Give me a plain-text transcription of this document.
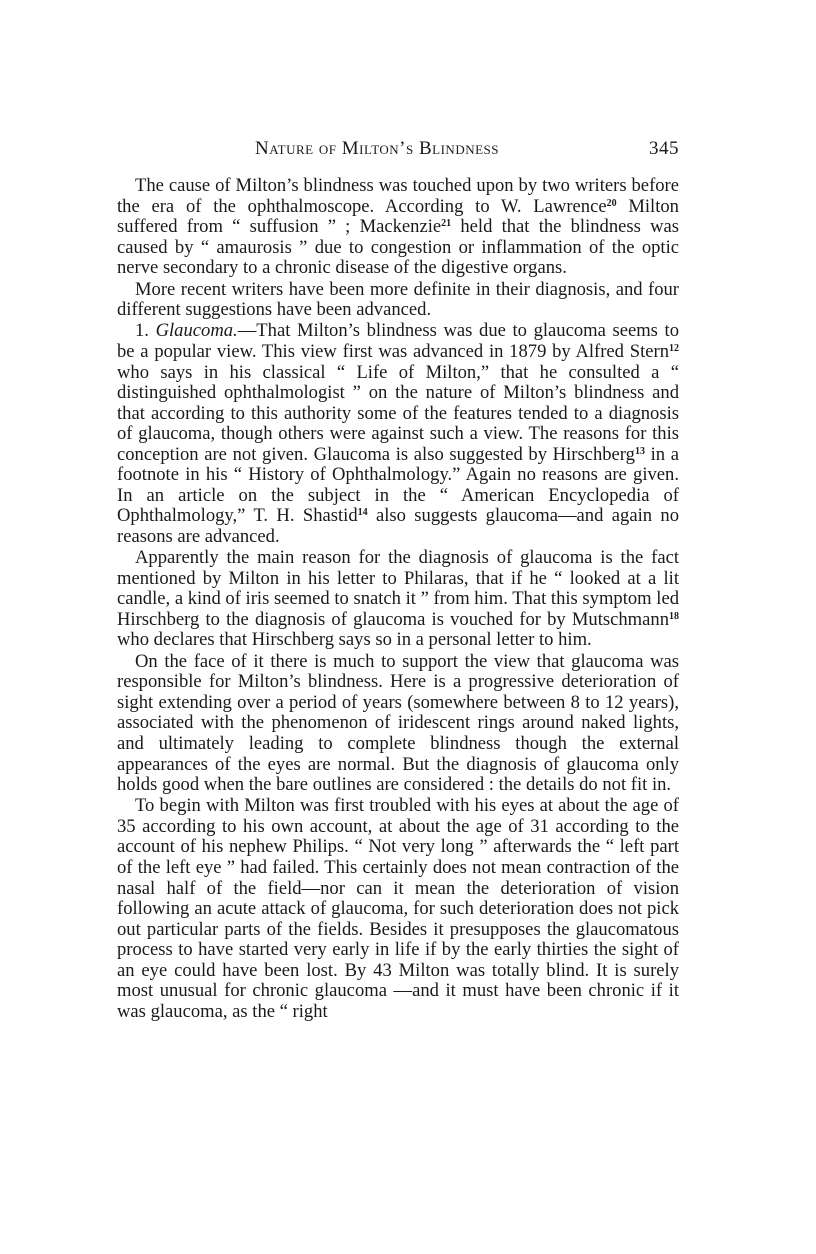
Nature of Milton’s Blindness	345

The cause of Milton’s blindness was touched upon by two writers before the era of the ophthalmoscope. According to W. Lawrence$^{20}$ Milton suffered from “ suffusion ” ; Mackenzie$^{21}$ held that the blindness was caused by “ amaurosis ” due to congestion or inflammation of the optic nerve secondary to a chronic disease of the digestive organs.

More recent writers have been more definite in their diagnosis, and four different suggestions have been advanced.

1. Glaucoma.—That Milton’s blindness was due to glaucoma seems to be a popular view. This view first was advanced in 1879 by Alfred Stern$^{12}$ who says in his classical “ Life of Milton,” that he consulted a “ distinguished ophthalmologist ” on the nature of Milton’s blindness and that according to this authority some of the features tended to a diagnosis of glaucoma, though others were against such a view. The reasons for this conception are not given. Glaucoma is also suggested by Hirschberg$^{13}$ in a footnote in his “ History of Ophthalmology.” Again no reasons are given. In an article on the subject in the “ American Encyclopedia of Ophthalmology,” T. H. Shastid$^{14}$ also suggests glaucoma—and again no reasons are advanced.

Apparently the main reason for the diagnosis of glaucoma is the fact mentioned by Milton in his letter to Philaras, that if he “ looked at a lit candle, a kind of iris seemed to snatch it ” from him. That this symptom led Hirschberg to the diagnosis of glaucoma is vouched for by Mutschmann$^{18}$ who declares that Hirschberg says so in a personal letter to him.

On the face of it there is much to support the view that glaucoma was responsible for Milton’s blindness. Here is a progressive deterioration of sight extending over a period of years (somewhere between 8 to 12 years), associated with the phenomenon of iridescent rings around naked lights, and ultimately leading to complete blindness though the external appearances of the eyes are normal. But the diagnosis of glaucoma only holds good when the bare outlines are considered : the details do not fit in.

To begin with Milton was first troubled with his eyes at about the age of 35 according to his own account, at about the age of 31 according to the account of his nephew Philips. “ Not very long ” afterwards the “ left part of the left eye ” had failed. This certainly does not mean contraction of the nasal half of the field—nor can it mean the deterioration of vision following an acute attack of glaucoma, for such deterioration does not pick out particular parts of the fields. Besides it presupposes the glaucomatous process to have started very early in life if by the early thirties the sight of an eye could have been lost. By 43 Milton was totally blind. It is surely most unusual for chronic glaucoma —and it must have been chronic if it was glaucoma, as the “ right
